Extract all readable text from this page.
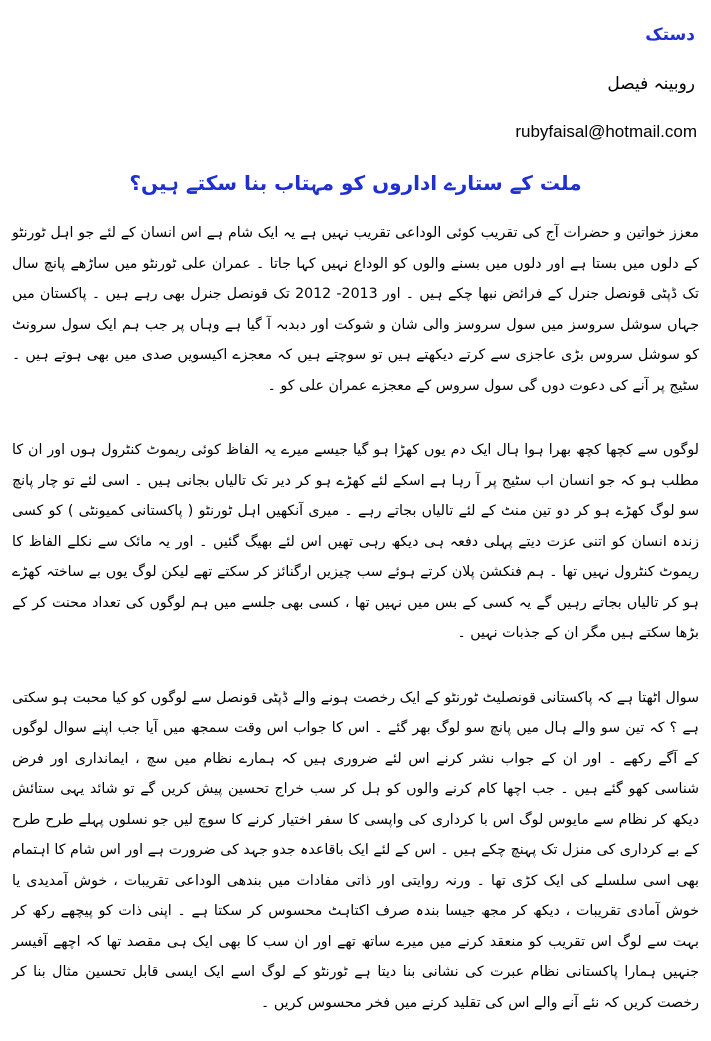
دستک
روبینہ فیصل
rubyfaisal@hotmail.com
ملت کے ستارے اداروں کو مہتاب بنا سکتے ہیں؟

معزز خواتین و حضرات آج کی تقریب کوئی الوداعی تقریب نہیں ہے یہ ایک شام ہے اس انسان کے لئے جو اہل ٹورنٹو کے دلوں میں بستا ہے اور دلوں میں بسنے والوں کو الوداع نہیں کہا جاتا ۔ عمران علی ٹورنٹو میں ساڑھے پانچ سال تک ڈپٹی قونصل جنرل کے فرائض نبھا چکے ہیں ۔ اور 2013- 2012 تک قونصل جنرل بھی رہے ہیں ۔ پاکستان میں جہاں سوشل سروسز میں سول سروسز والی شان و شوکت اور دبدبہ آ گیا ہے وہاں پر جب ہم ایک سول سرونٹ کو سوشل سروس بڑی عاجزی سے کرتے دیکھتے ہیں تو سوچتے ہیں کہ معجزے اکیسویں صدی میں بھی ہوتے ہیں ۔ سٹیج پر آنے کی دعوت دوں گی سول سروس کے معجزے عمران علی کو ۔

لوگوں سے کچھا کچھ بھرا ہوا ہال ایک دم یوں کھڑا ہو گیا جیسے میرے یہ الفاظ کوئی ریموٹ کنٹرول ہوں اور ان کا مطلب ہو کہ جو انسان اب سٹیج پر آ رہا ہے اسکے لئے کھڑے ہو کر دیر تک تالیاں بجانی ہیں ۔ اسی لئے تو چار پانچ سو لوگ کھڑے ہو کر دو تین منٹ کے لئے تالیاں بجاتے رہے ۔ میری آنکھیں اہل ٹورنٹو ( پاکستانی کمیونٹی ) کو کسی زندہ انسان کو اتنی عزت دیتے پہلی دفعہ ہی دیکھ رہی تھیں اس لئے بھیگ گئیں ۔ اور یہ مائک سے نکلے الفاظ کا ریموٹ کنٹرول نہیں تھا ۔ ہم فنکشن پلان کرتے ہوئے سب چیزیں ارگنائز کر سکتے تھے لیکن لوگ یوں بے ساختہ کھڑے ہو کر تالیاں بجاتے رہیں گے یہ کسی کے بس میں نہیں تھا ، کسی بھی جلسے میں ہم لوگوں کی تعداد محنت کر کے بڑھا سکتے ہیں مگر ان کے جذبات نہیں ۔

سوال اٹھتا ہے کہ پاکستانی قونصلیٹ ٹورنٹو کے ایک رخصت ہونے والے ڈپٹی قونصل سے لوگوں کو کیا محبت ہو سکتی ہے ؟ کہ تین سو والے ہال میں پانچ سو لوگ بھر گئے ۔ اس کا جواب اس وقت سمجھ میں آیا جب اپنے سوال لوگوں کے آگے رکھے ۔ اور ان کے جواب نشر کرنے اس لئے ضروری ہیں کہ ہمارے نظام میں سچ ، ایمانداری اور فرض شناسی کھو گئے ہیں ۔ جب اچھا کام کرنے والوں کو ہل کر سب خراج تحسین پیش کریں گے تو شائد یہی ستائش دیکھ کر نظام سے مایوس لوگ اس با کرداری کی واپسی کا سفر اختیار کرنے کا سوچ لیں جو نسلوں پہلے طرح طرح کے بے کرداری کی منزل تک پہنچ چکے ہیں ۔ اس کے لئے ایک باقاعدہ جدو جہد کی ضرورت ہے اور اس شام کا اہتمام بھی اسی سلسلے کی ایک کڑی تھا ۔ ورنہ روایتی اور ذاتی مفادات میں بندھی الوداعی تقریبات ، خوش آمدیدی یا خوش آمادی تقریبات ، دیکھ کر مجھ جیسا بندہ صرف اکتاہٹ محسوس کر سکتا ہے ۔ اپنی ذات کو پیچھے رکھ کر بہت سے لوگ اس تقریب کو منعقد کرنے میں میرے ساتھ تھے اور ان سب کا بھی ایک ہی مقصد تھا کہ اچھے آفیسر جنہیں ہمارا پاکستانی نظام عبرت کی نشانی بنا دیتا ہے ٹورنٹو کے لوگ اسے ایک ایسی قابل تحسین مثال بنا کر رخصت کریں کہ نئے آنے والے اس کی تقلید کرنے میں فخر محسوس کریں ۔
